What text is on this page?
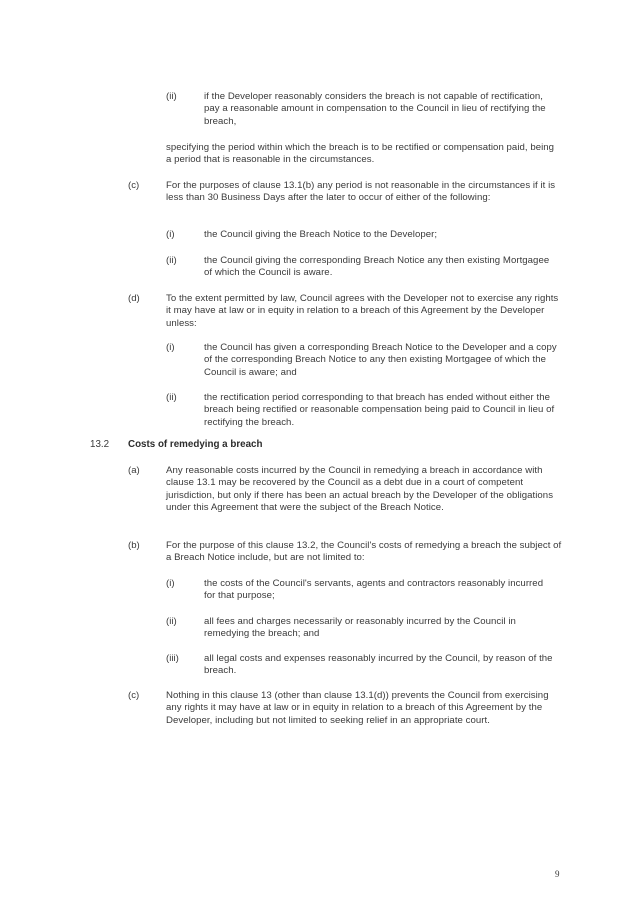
(ii)	if the Developer reasonably considers the breach is not capable of rectification, pay a reasonable amount in compensation to the Council in lieu of rectifying the breach,
specifying the period within which the breach is to be rectified or compensation paid, being a period that is reasonable in the circumstances.
(c)	For the purposes of clause 13.1(b) any period is not reasonable in the circumstances if it is less than 30 Business Days after the later to occur of either of the following:
(i)	the Council giving the Breach Notice to the Developer;
(ii)	the Council giving the corresponding Breach Notice any then existing Mortgagee of which the Council is aware.
(d)	To the extent permitted by law, Council agrees with the Developer not to exercise any rights it may have at law or in equity in relation to a breach of this Agreement by the Developer unless:
(i)	the Council has given a corresponding Breach Notice to the Developer and a copy of the corresponding Breach Notice to any then existing Mortgagee of which the Council is aware; and
(ii)	the rectification period corresponding to that breach has ended without either the breach being rectified or reasonable compensation being paid to Council in lieu of rectifying the breach.
13.2 Costs of remedying a breach
(a)	Any reasonable costs incurred by the Council in remedying a breach in accordance with clause 13.1 may be recovered by the Council as a debt due in a court of competent jurisdiction, but only if there has been an actual breach by the Developer of the obligations under this Agreement that were the subject of the Breach Notice.
(b)	For the purpose of this clause 13.2, the Council's costs of remedying a breach the subject of a Breach Notice include, but are not limited to:
(i)	the costs of the Council's servants, agents and contractors reasonably incurred for that purpose;
(ii)	all fees and charges necessarily or reasonably incurred by the Council in remedying the breach; and
(iii)	all legal costs and expenses reasonably incurred by the Council, by reason of the breach.
(c)	Nothing in this clause 13 (other than clause 13.1(d)) prevents the Council from exercising any rights it may have at law or in equity in relation to a breach of this Agreement by the Developer, including but not limited to seeking relief in an appropriate court.
9
